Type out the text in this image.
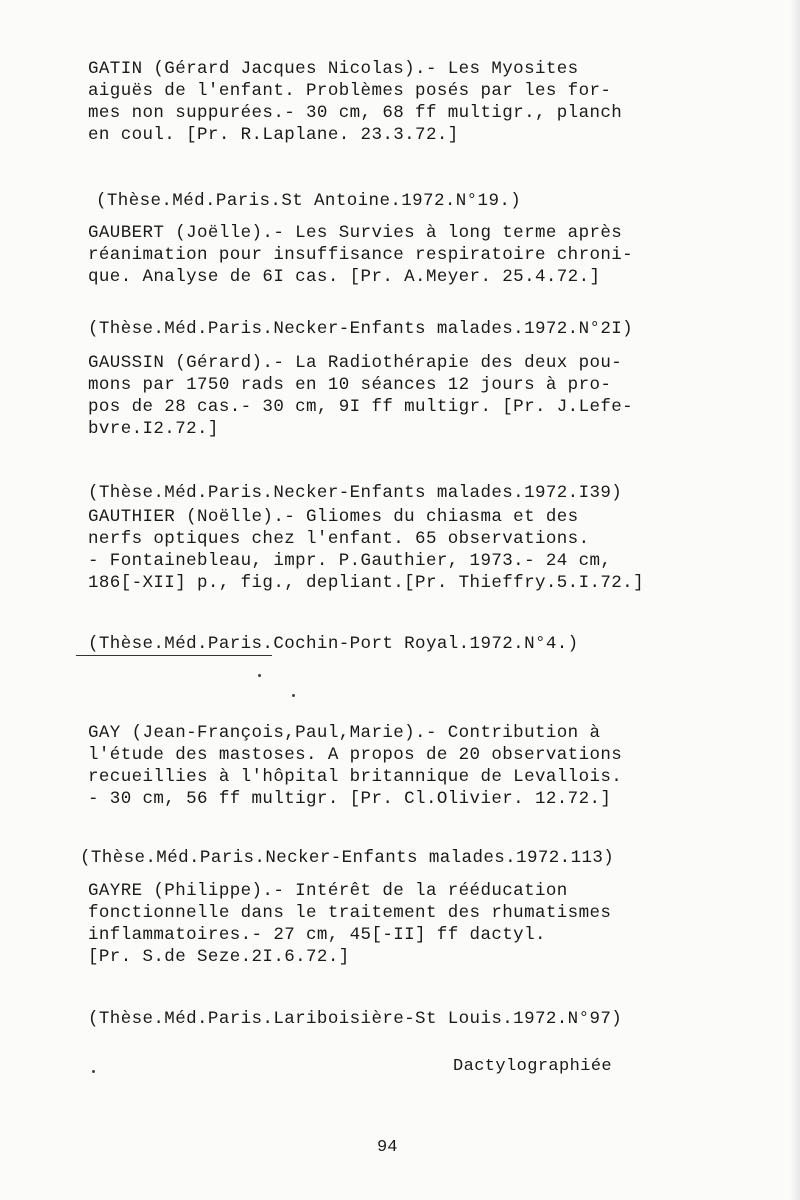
GATIN (Gérard Jacques Nicolas).- Les Myosites
aiguës de l'enfant. Problèmes posés par les for-
mes non suppurées.- 30 cm, 68 ff multigr., planch
en coul. [Pr. R.Laplane. 23.3.72.]
(Thèse.Méd.Paris.St Antoine.1972.N°19.)
GAUBERT (Joëlle).- Les Survies à long terme après
réanimation pour insuffisance respiratoire chroni-
que. Analyse de 6I cas. [Pr. A.Meyer. 25.4.72.]
(Thèse.Méd.Paris.Necker-Enfants malades.1972.N°2I)
GAUSSIN (Gérard).- La Radiothérapie des deux pou-
mons par 1750 rads en 10 séances 12 jours à pro-
pos de 28 cas.- 30 cm, 9I ff multigr. [Pr. J.Lefe-
bvre.I2.72.]
(Thèse.Méd.Paris.Necker-Enfants malades.1972.I39)
GAUTHIER (Noëlle).- Gliomes du chiasma et des
nerfs optiques chez l'enfant. 65 observations.
- Fontainebleau, impr. P.Gauthier, 1973.- 24 cm,
186[-XII] p., fig., depliant.[Pr. Thieffry.5.I.72.]
(Thèse.Méd.Paris.Cochin-Port Royal.1972.N°4.)
GAY (Jean-François,Paul,Marie).- Contribution à
l'étude des mastoses. A propos de 20 observations
recueillies à l'hôpital britannique de Levallois.
- 30 cm, 56 ff multigr. [Pr. Cl.Olivier. 12.72.]
(Thèse.Méd.Paris.Necker-Enfants malades.1972.113)
GAYRE (Philippe).- Intérêt de la rééducation
fonctionnelle dans le traitement des rhumatismes
inflammatoires.- 27 cm, 45[-II] ff dactyl.
[Pr. S.de Seze.2I.6.72.]
(Thèse.Méd.Paris.Lariboisière-St Louis.1972.N°97)
Dactylographiée
94
